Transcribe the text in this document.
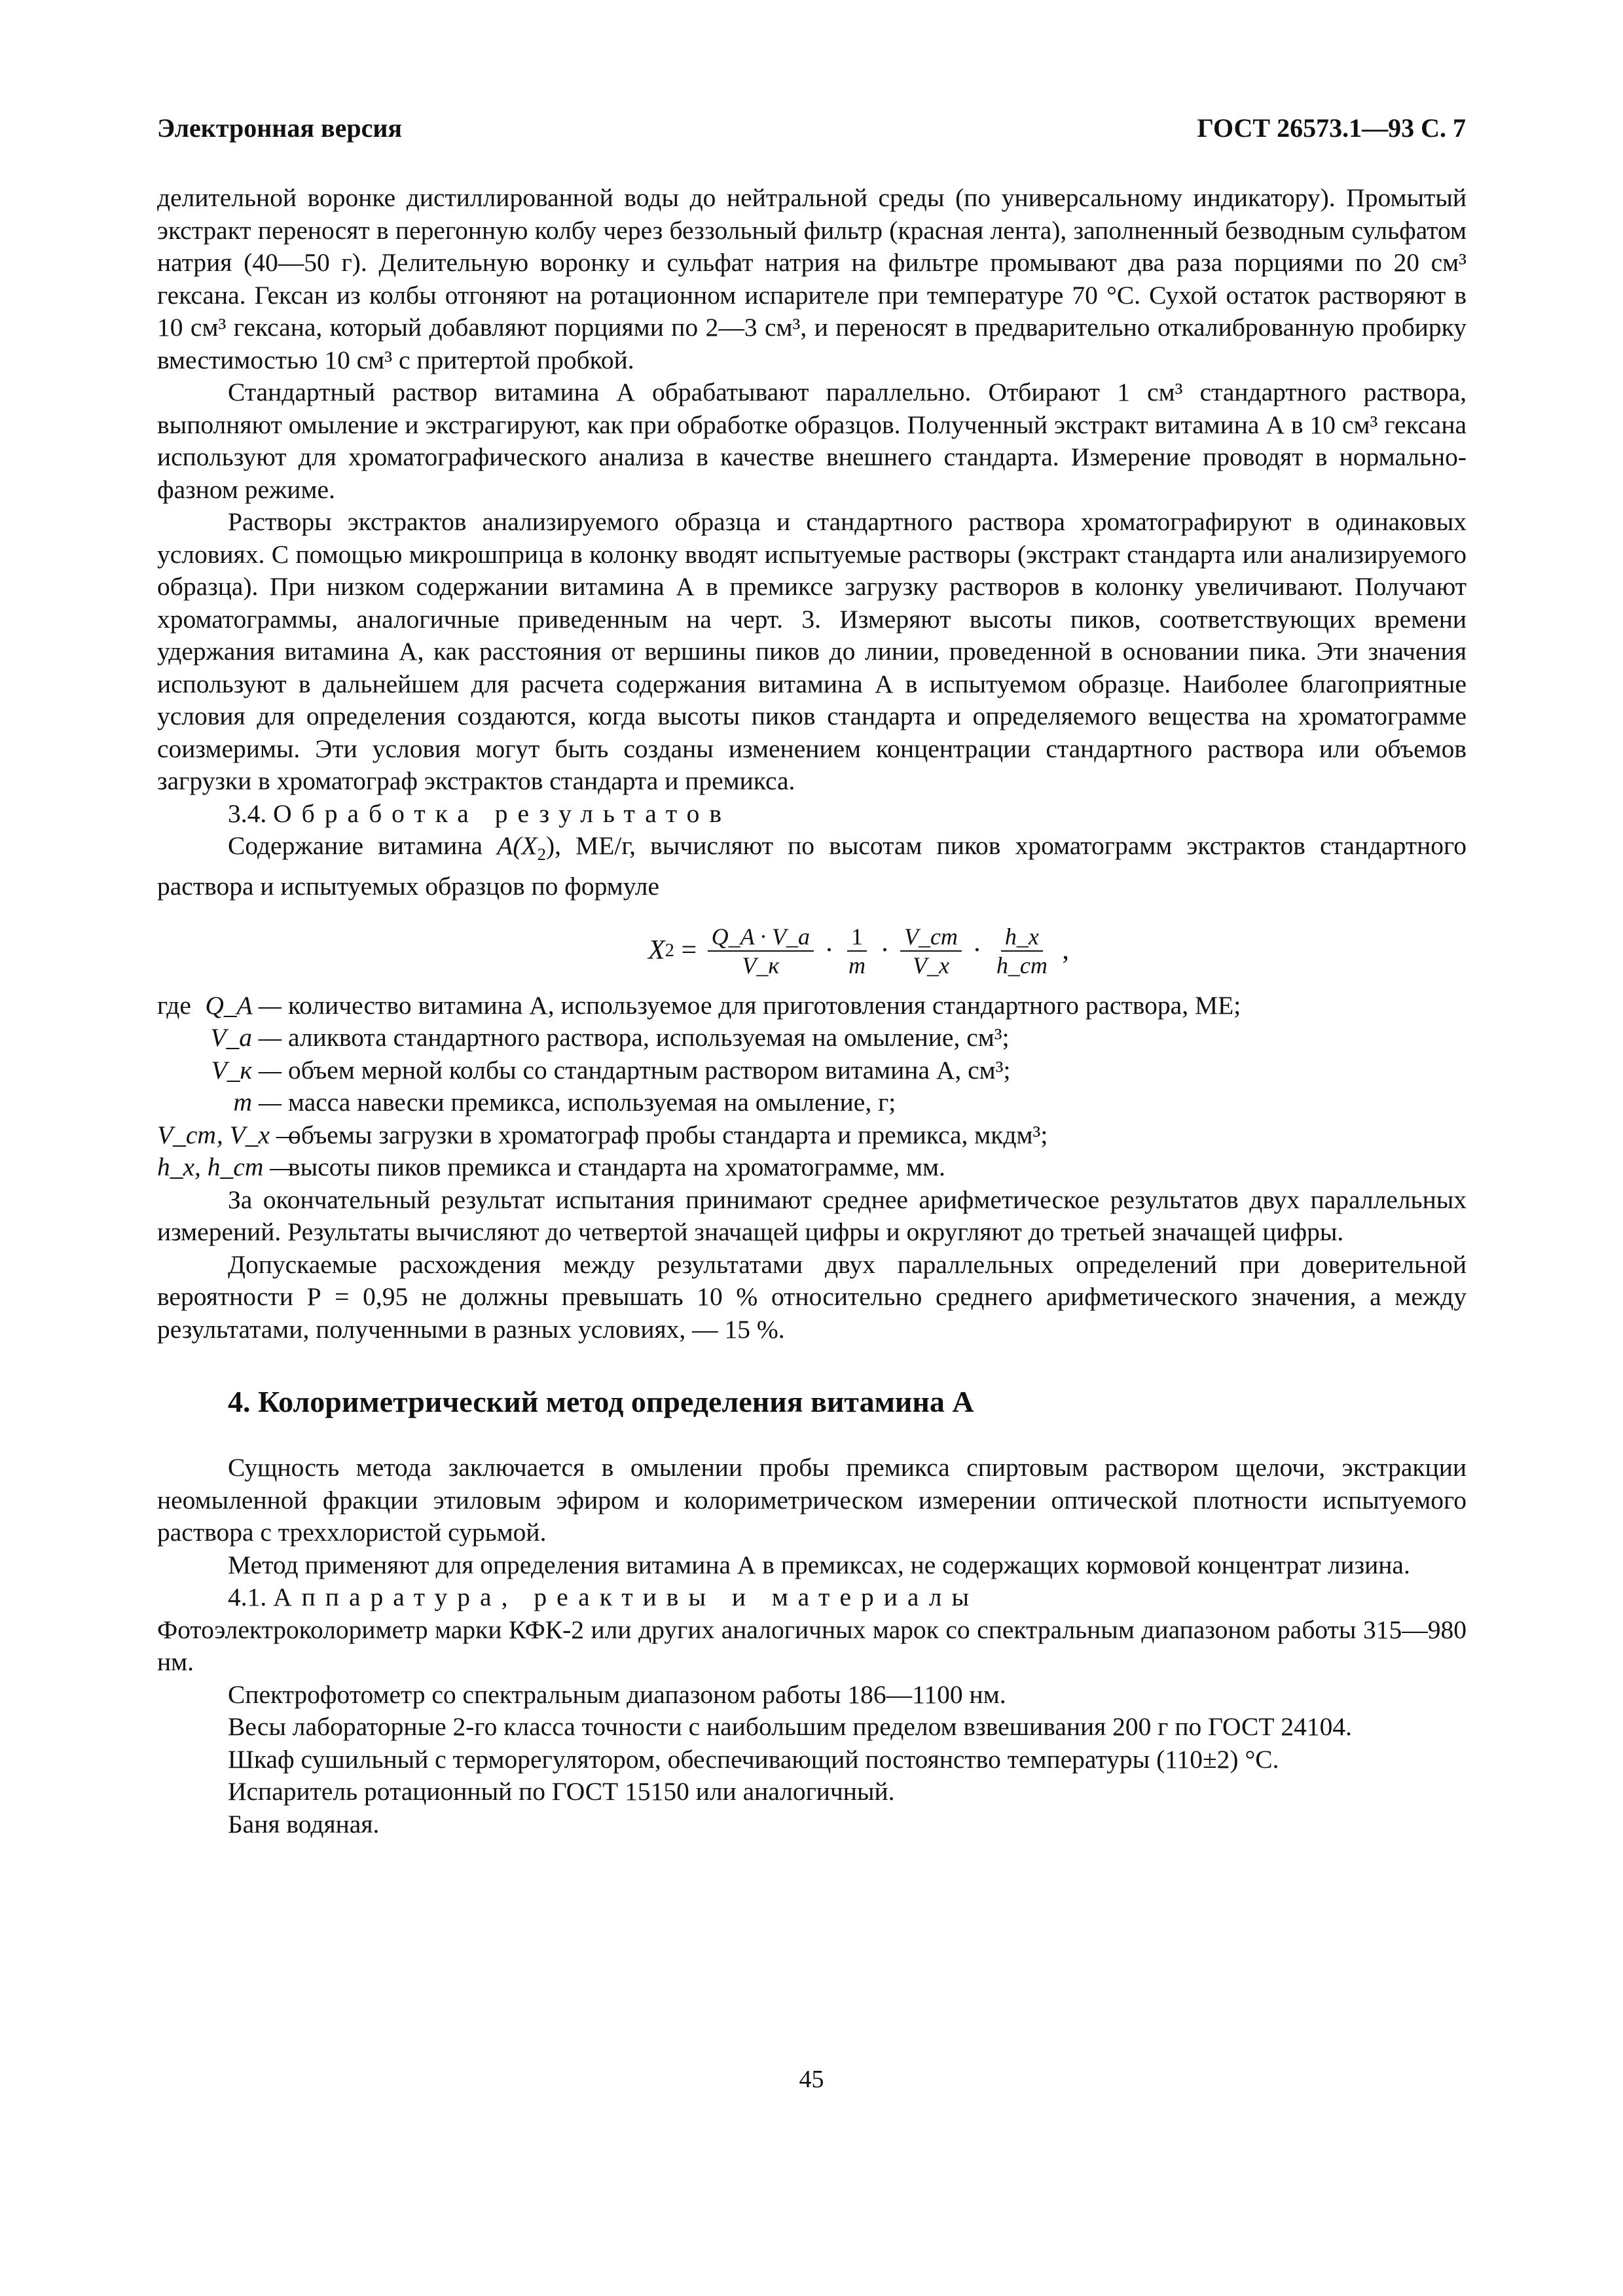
Электронная версия	ГОСТ 26573.1—93 С. 7

делительной воронке дистиллированной воды до нейтральной среды (по универсальному индикатору). Промытый экстракт переносят в перегонную колбу через беззольный фильтр (красная лента), заполненный безводным сульфатом натрия (40—50 г). Делительную воронку и сульфат натрия на фильтре промывают два раза порциями по 20 см³ гексана. Гексан из колбы отгоняют на ротационном испарителе при температуре 70 °С. Сухой остаток растворяют в 10 см³ гексана, который добавляют порциями по 2—3 см³, и переносят в предварительно откалиброванную пробирку вместимостью 10 см³ с притертой пробкой.

Стандартный раствор витамина А обрабатывают параллельно. Отбирают 1 см³ стандартного раствора, выполняют омыление и экстрагируют, как при обработке образцов. Полученный экстракт витамина А в 10 см³ гексана используют для хроматографического анализа в качестве внешнего стандарта. Измерение проводят в нормально-фазном режиме.

Растворы экстрактов анализируемого образца и стандартного раствора хроматографируют в одинаковых условиях. С помощью микрошприца в колонку вводят испытуемые растворы (экстракт стандарта или анализируемого образца). При низком содержании витамина А в премиксе загрузку растворов в колонку увеличивают. Получают хроматограммы, аналогичные приведенным на черт. 3. Измеряют высоты пиков, соответствующих времени удержания витамина А, как расстояния от вершины пиков до линии, проведенной в основании пика. Эти значения используют в дальнейшем для расчета содержания витамина А в испытуемом образце. Наиболее благоприятные условия для определения создаются, когда высоты пиков стандарта и определяемого вещества на хроматограмме соизмеримы. Эти условия могут быть созданы изменением концентрации стандартного раствора или объемов загрузки в хроматограф экстрактов стандарта и премикса.

3.4. Обработка результатов

Содержание витамина $A(X_2)$, МЕ/г, вычисляют по высотам пиков хроматограмм экстрактов стандартного раствора и испытуемых образцов по формуле

X $2 = \frac{Q\_A \cdot V\_a}{V\_к} \cdot \frac{1}{m} \cdot \frac{V\_ст}{V\_х} \cdot \frac{h\_х}{h\_ст}$ ,
где Q_A — количество витамина А, используемое для приготовления стандартного раствора, МЕ;
V_a — аликвота стандартного раствора, используемая на омыление, см³;
V_к — объем мерной колбы со стандартным раствором витамина А, см³;
m — масса навески премикса, используемая на омыление, г;
V_ст, V_х —
объемы загрузки в хроматограф пробы стандарта и премикса, мкдм³;
h_х, h_ст —
высоты пиков премикса и стандарта на хроматограмме, мм.

За окончательный результат испытания принимают среднее арифметическое результатов двух параллельных измерений. Результаты вычисляют до четвертой значащей цифры и округляют до третьей значащей цифры.

Допускаемые расхождения между результатами двух параллельных определений при доверительной вероятности Р = 0,95 не должны превышать 10 % относительно среднего арифметического значения, а между результатами, полученными в разных условиях, — 15 %.

4. Колориметрический метод определения витамина А

Сущность метода заключается в омылении пробы премикса спиртовым раствором щелочи, экстракции неомыленной фракции этиловым эфиром и колориметрическом измерении оптической плотности испытуемого раствора с треххлористой сурьмой.

Метод применяют для определения витамина А в премиксах, не содержащих кормовой концентрат лизина.

4.1. Аппаратура, реактивы и материалы

Фотоэлектроколориметр марки КФК-2 или других аналогичных марок со спектральным диапазоном работы 315—980 нм.

Спектрофотометр со спектральным диапазоном работы 186—1100 нм.

Весы лабораторные 2-го класса точности с наибольшим пределом взвешивания 200 г по ГОСТ 24104.

Шкаф сушильный с терморегулятором, обеспечивающий постоянство температуры (110±2) °С.

Испаритель ротационный по ГОСТ 15150 или аналогичный.

Баня водяная.

45
